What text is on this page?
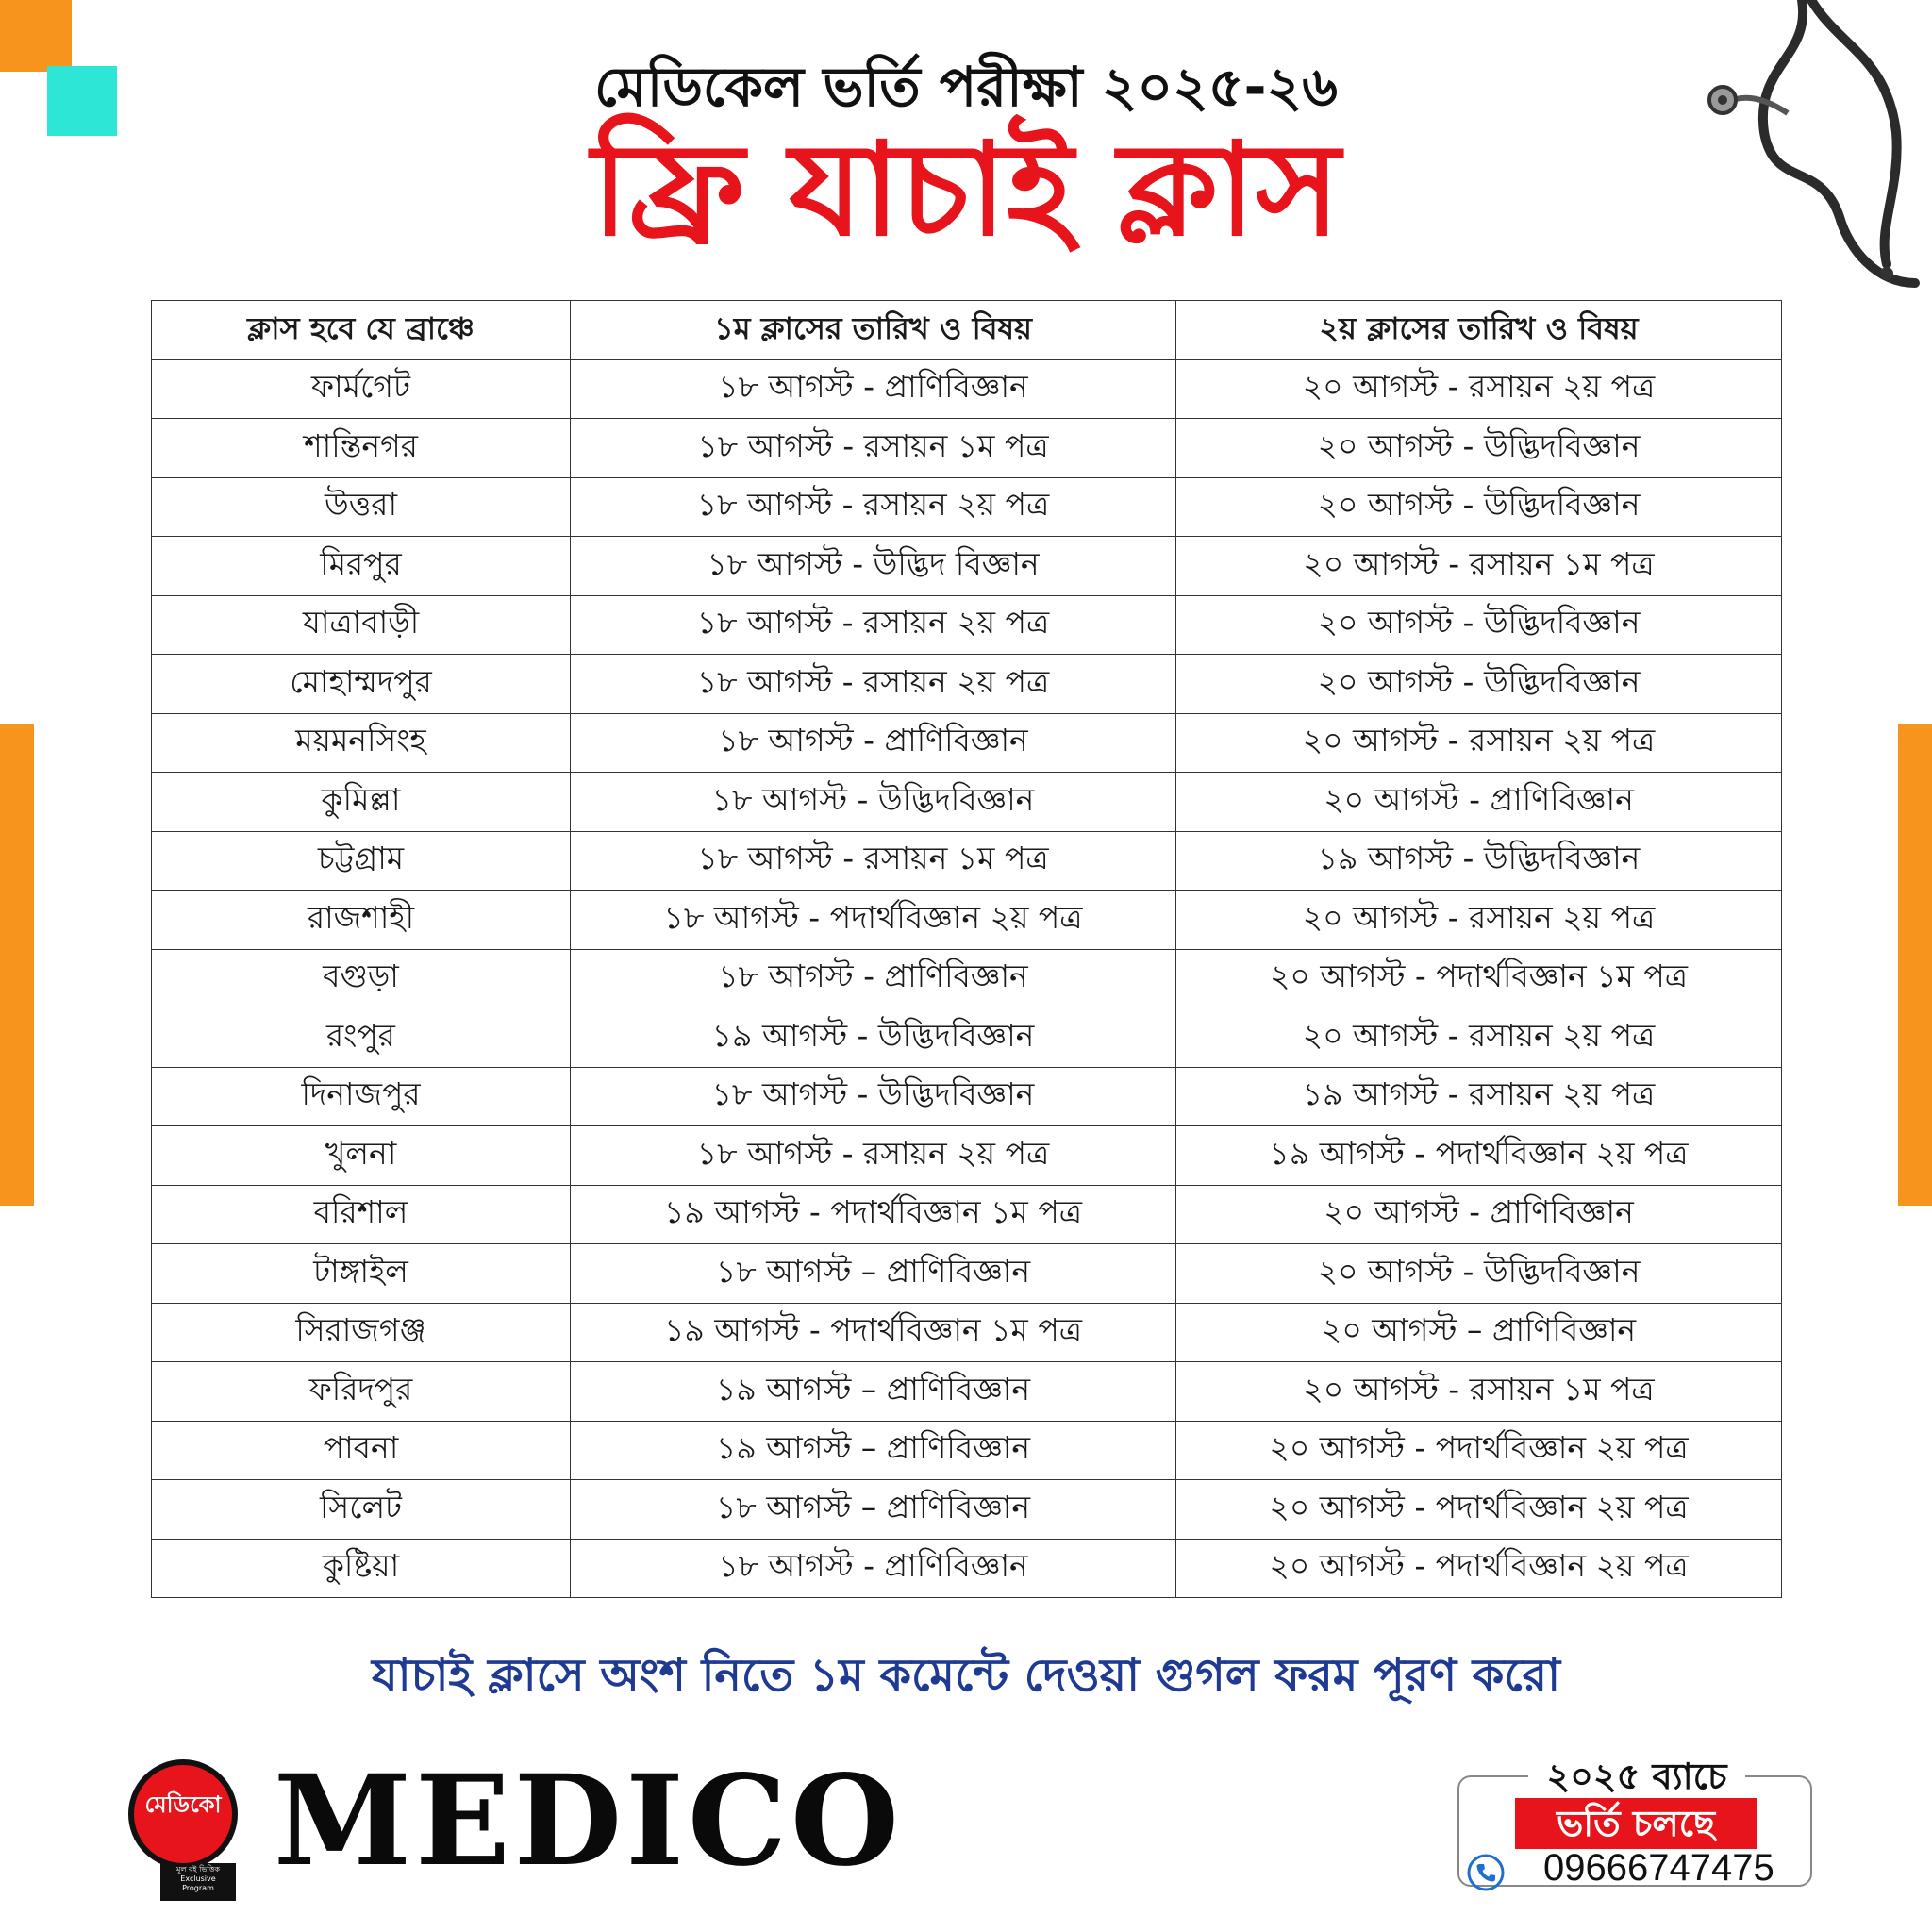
মেডিকেল ভর্তি পরীক্ষা ২০২৫-২৬
ফ্রি যাচাই ক্লাস
ক্লাস হবে যে ব্রাঞ্চে	১ম ক্লাসের তারিখ ও বিষয়	২য় ক্লাসের তারিখ ও বিষয়
ফার্মগেট	১৮ আগস্ট - প্রাণিবিজ্ঞান	২০ আগস্ট - রসায়ন ২য় পত্র
শান্তিনগর	১৮ আগস্ট - রসায়ন ১ম পত্র	২০ আগস্ট - উদ্ভিদবিজ্ঞান
উত্তরা	১৮ আগস্ট - রসায়ন ২য় পত্র	২০ আগস্ট - উদ্ভিদবিজ্ঞান
মিরপুর	১৮ আগস্ট - উদ্ভিদ বিজ্ঞান	২০ আগস্ট - রসায়ন ১ম পত্র
যাত্রাবাড়ী	১৮ আগস্ট - রসায়ন ২য় পত্র	২০ আগস্ট - উদ্ভিদবিজ্ঞান
মোহাম্মদপুর	১৮ আগস্ট - রসায়ন ২য় পত্র	২০ আগস্ট - উদ্ভিদবিজ্ঞান
ময়মনসিংহ	১৮ আগস্ট - প্রাণিবিজ্ঞান	২০ আগস্ট - রসায়ন ২য় পত্র
কুমিল্লা	১৮ আগস্ট - উদ্ভিদবিজ্ঞান	২০ আগস্ট - প্রাণিবিজ্ঞান
চট্টগ্রাম	১৮ আগস্ট - রসায়ন ১ম পত্র	১৯ আগস্ট - উদ্ভিদবিজ্ঞান
রাজশাহী	১৮ আগস্ট - পদার্থবিজ্ঞান ২য় পত্র	২০ আগস্ট - রসায়ন ২য় পত্র
বগুড়া	১৮ আগস্ট - প্রাণিবিজ্ঞান	২০ আগস্ট - পদার্থবিজ্ঞান ১ম পত্র
রংপুর	১৯ আগস্ট - উদ্ভিদবিজ্ঞান	২০ আগস্ট - রসায়ন ২য় পত্র
দিনাজপুর	১৮ আগস্ট - উদ্ভিদবিজ্ঞান	১৯ আগস্ট - রসায়ন ২য় পত্র
খুলনা	১৮ আগস্ট - রসায়ন ২য় পত্র	১৯ আগস্ট - পদার্থবিজ্ঞান ২য় পত্র
বরিশাল	১৯ আগস্ট - পদার্থবিজ্ঞান ১ম পত্র	২০ আগস্ট - প্রাণিবিজ্ঞান
টাঙ্গাইল	১৮ আগস্ট – প্রাণিবিজ্ঞান	২০ আগস্ট - উদ্ভিদবিজ্ঞান
সিরাজগঞ্জ	১৯ আগস্ট - পদার্থবিজ্ঞান ১ম পত্র	২০ আগস্ট – প্রাণিবিজ্ঞান
ফরিদপুর	১৯ আগস্ট – প্রাণিবিজ্ঞান	২০ আগস্ট - রসায়ন ১ম পত্র
পাবনা	১৯ আগস্ট – প্রাণিবিজ্ঞান	২০ আগস্ট - পদার্থবিজ্ঞান ২য় পত্র
সিলেট	১৮ আগস্ট – প্রাণিবিজ্ঞান	২০ আগস্ট - পদার্থবিজ্ঞান ২য় পত্র
কুষ্টিয়া	১৮ আগস্ট - প্রাণিবিজ্ঞান	২০ আগস্ট - পদার্থবিজ্ঞান ২য় পত্র
যাচাই ক্লাসে অংশ নিতে ১ম কমেন্টে দেওয়া গুগল ফরম পূরণ করো
মেডিকো
মূল বই ভিত্তিক
Exclusive
Program MEDICO	২০২৫ ব্যাচে
ভর্তি চলছে
09666747475
